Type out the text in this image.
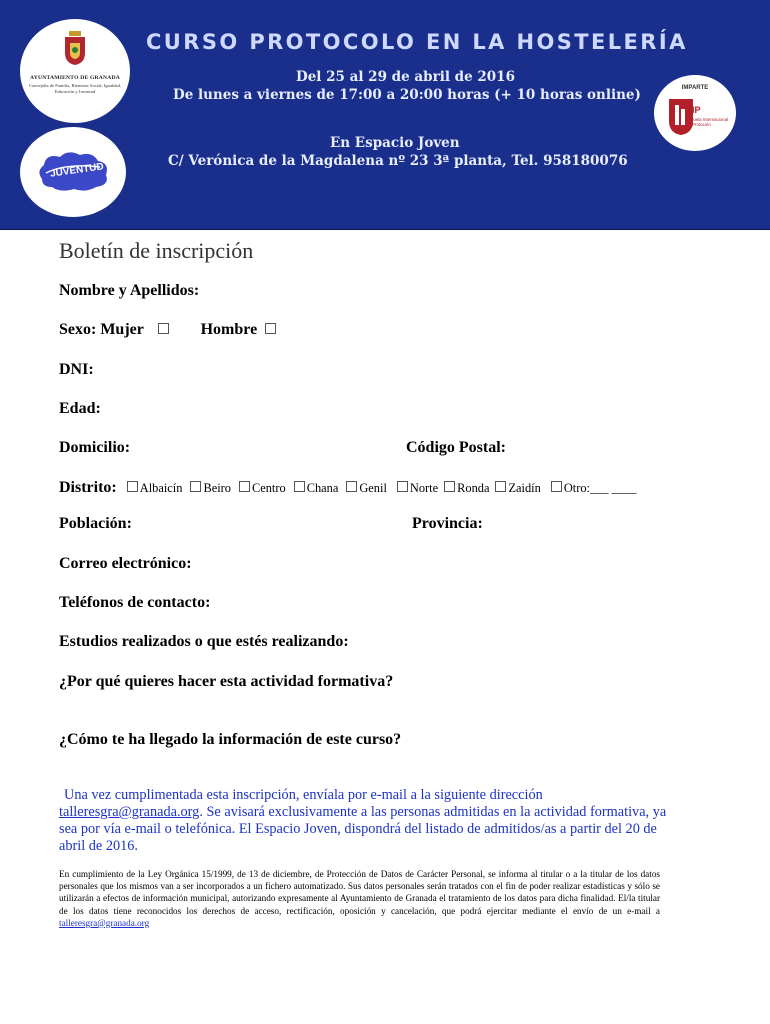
AYUNTAMIENTO DE GRANADA
Concejalía de Familia, Bienestar Social, Igualdad, Educación y Juventud
JUVENTUD
IMPARTE
EIP
Escuela Internacional de Protocolo
CURSO PROTOCOLO EN LA HOSTELERÍA
Del 25 al 29 de abril de 2016
De lunes a viernes de 17:00 a 20:00 horas (+ 10 horas online)
En Espacio Joven
C/ Verónica de la Magdalena nº 23 3ª planta, Tel. 958180076
Boletín de inscripción
Nombre y Apellidos:
Sexo: Mujer	Hombre
DNI:
Edad:
Domicilio:	Código Postal:
Distrito: Albaicín Beiro Centro Chana Genil Norte Ronda Zaidín Otro:___ ____
Población:	Provincia:
Correo electrónico:
Teléfonos de contacto:
Estudios realizados o que estés realizando:
¿Por qué quieres hacer esta actividad formativa?
¿Cómo te ha llegado la información de este curso?
Una vez cumplimentada esta inscripción, envíala por e-mail a la siguiente dirección
talleresgra@granada.org. Se avisará exclusivamente a las personas admitidas en la actividad formativa, ya sea por vía e-mail o telefónica. El Espacio Joven, dispondrá del listado de admitidos/as a partir del 20 de abril de 2016.
En cumplimiento de la Ley Orgánica 15/1999, de 13 de diciembre, de Protección de Datos de Carácter Personal, se informa al titular o a la titular de los datos personales que los mismos van a ser incorporados a un fichero automatizado. Sus datos personales serán tratados con el fin de poder realizar estadísticas y sólo se utilizarán a efectos de información municipal, autorizando expresamente al Ayuntamiento de Granada el tratamiento de los datos para dicha finalidad. El/la titular de los datos tiene reconocidos los derechos de acceso, rectificación, oposición y cancelación, que podrá ejercitar mediante el envío de un e-mail a talleresgra@granada.org
